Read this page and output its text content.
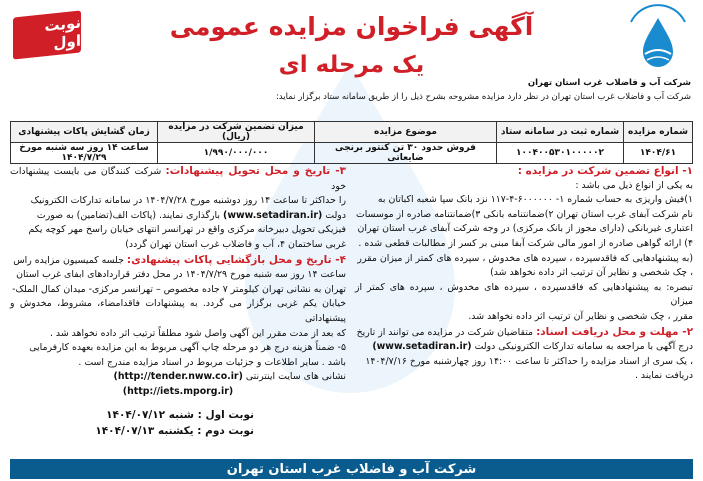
نوبت اول
آگهی فراخوان مزایده عمومی
یک مرحله ای
شرکت آب و فاضلاب غرب استان تهران
شرکت آب و فاضلاب غرب استان تهران در نظر دارد مزایده مشروحه بشرح ذیل را از طریق سامانه ستاد برگزار نماید:
شماره مزایده	شماره ثبت در سامانه ستاد	موضوع مزایده	میزان تضمین شرکت در مزایده (ریال)	زمان گشایش پاکات پیشنهادی
۱۴۰۴/۶۱	۱۰۰۴۰۰۵۳۰۱۰۰۰۰۰۲	فروش حدود ۳۰ تن کنتور برنجی ضایعاتی	۱/۹۹۰/۰۰۰/۰۰۰	ساعت ۱۴ روز سه شنبه مورخ ۱۴۰۴/۷/۲۹
۱- انواع تضمین شرکت در مزایده :
به یکی از انواع ذیل می باشد :
۱)فیش واریزی به حساب شماره ۱- ۶۰۰۰۰۰۰-۴-۱۱۷ نزد بانک سپا شعبه اکباتان به
نام شرکت آبفای غرب استان تهران ۲)ضمانتنامه بانکی ۳)ضمانتنامه صادره از موسسات
اعتباری غیربانکی (دارای مجوز از بانک مرکزی) در وجه شرکت آبفای غرب استان تهران
۴) ارائه گواهی صادره از امور مالی شرکت آبفا مبنی بر کسر از مطالبات قطعی شده .
(به پیشنهادهایی که فاقدسپرده ، سپرده های مخدوش ، سپرده های کمتر از میزان مقرر
، چک شخصی و نظایر آن ترتیب اثر داده نخواهد شد)
تبصره: به پیشنهادهایی که فاقدسپرده ، سپرده های مخدوش ، سپرده های کمتر از میزان
مقرر ، چک شخصی و نظایر آن ترتیب اثر داده نخواهد شد.
۲- مهلت و محل دریافت اسناد: متقاضیان شرکت در مزایده می توانند از تاریخ
درج آگهی با مراجعه به سامانه تدارکات الکترونیکی دولت (www.setadiran.ir)
، یک سری از اسناد مزایده را حداکثر تا ساعت ۱۴:۰۰ روز چهارشنبه مورخ ۱۴۰۴/۷/۱۶
دریافت نمایند .
۳- تاریخ و محل تحویل پیشنهادات: شرکت کنندگان می بایست پیشنهادات خود
را حداکثر تا ساعت ۱۴ روز دوشنبه مورخ ۱۴۰۴/۷/۲۸ در سامانه تدارکات الکترونیک
دولت (www.setadiran.ir) بارگذاری نمایند. (پاکات الف(تضامین) به صورت
فیزیکی تحویل دبیرخانه مرکزی واقع در تهرانسر انتهای خیابان راسخ مهر کوچه یکم
غربی ساختمان ۴، آب و فاضلاب غرب استان تهران گردد)
۴- تاریخ و محل بازگشایی پاکات پیشنهادی: جلسه کمیسیون مزایده راس
ساعت ۱۴ روز سه شنبه مورخ ۱۴۰۴/۷/۲۹ در محل دفتر قراردادهای ابفای غرب استان
تهران به نشانی تهران کیلومتر ۷ جاده مخصوص – تهرانسر مرکزی- میدان کمال الملک-
خیابان یکم غربی برگزار می گردد. به پیشنهادات فاقدامضاء، مشروط، مخدوش و پیشنهاداتی
که بعد از مدت مقرر این آگهی واصل شود مطلقاً ترتیب اثر داده نخواهد شد .
۵- ضمناً هزینه درج هر دو مرحله چاپ آگهی مربوط به این مزایده بعهده کارفرمایی
باشد . سایر اطلاعات و جزئیات مربوط در اسناد مزایده مندرج است .
نشانی های سایت اینترنتی (http://tender.nww.co.ir)
(http://iets.mporg.ir)
نوبت اول : شنبه ۱۴۰۴/۰۷/۱۲
نوبت دوم : یکشنبه ۱۴۰۴/۰۷/۱۳
شرکت آب و فاضلاب غرب استان تهران
